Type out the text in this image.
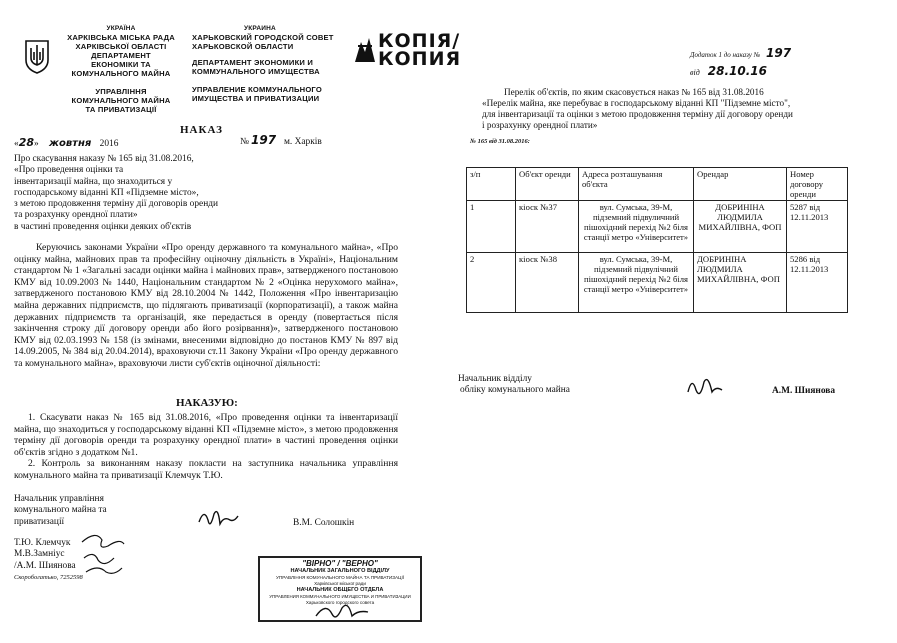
УКРАЇНА
ХАРКІВСЬКА МІСЬКА РАДА
ХАРКІВСЬКОЇ ОБЛАСТІ
ДЕПАРТАМЕНТ
ЕКОНОМІКИ ТА
КОМУНАЛЬНОГО МАЙНА
УПРАВЛІННЯ
КОМУНАЛЬНОГО МАЙНА
ТА ПРИВАТИЗАЦІЇ
УКРАИНА
ХАРЬКОВСКИЙ ГОРОДСКОЙ СОВЕТ
ХАРЬКОВСКОЙ ОБЛАСТИ
ДЕПАРТАМЕНТ ЭКОНОМИКИ И
КОММУНАЛЬНОГО ИМУЩЕСТВА
УПРАВЛЕНИЕ КОММУНАЛЬНОГО
ИМУЩЕСТВА И ПРИВАТИЗАЦИИ
КОПІЯ/КОПИЯ
НАКАЗ
«28» жовтня 2016	№ 197 м. Харків
Про скасування наказу № 165 від 31.08.2016,
«Про проведення оцінки та
інвентаризації майна, що знаходиться у
господарському віданні КП «Підземне місто»,
з метою продовження терміну дії договорів оренди
та розрахунку орендної плати»
в частині проведення оцінки деяких об'єктів
Керуючись законами України «Про оренду державного та комунального майна», «Про оцінку майна, майнових прав та професійну оціночну діяльність в Україні», Національним стандартом № 1 «Загальні засади оцінки майна і майнових прав», затвердженого постановою КМУ від 10.09.2003 № 1440, Національним стандартом № 2 «Оцінка нерухомого майна», затвердженого постановою КМУ від 28.10.2004 № 1442, Положення «Про інвентаризацію майна державних підприємств, що підлягають приватизації (корпоратизації), а також майна державних підприємств та організацій, яке передається в оренду (повертається після закінчення строку дії договору оренди або його розірвання)», затвердженого постановою КМУ від 02.03.1993 № 158 (із змінами, внесеними відповідно до постанов КМУ № 897 від 14.09.2005, № 384 від 20.04.2014), враховуючи ст.11 Закону України «Про оренду державного та комунального майна», враховуючи листи суб'єктів оціночної діяльності:
НАКАЗУЮ:
1. Скасувати наказ № 165 від 31.08.2016, «Про проведення оцінки та інвентаризації майна, що знаходиться у господарському віданні КП «Підземне місто», з метою продовження терміну дії договорів оренди та розрахунку орендної плати» в частині проведення оцінки об'єктів згідно з додатком №1.
2. Контроль за виконанням наказу покласти на заступника начальника управління комунального майна та приватизації Клемчук Т.Ю.
Начальник управління
комунального майна та
приватизації	В.М. Солошкін
Т.Ю. Клемчук
М.В.Замніус
/А.М. Шиянова
Скоробогатько, 7252598
"ВІРНО" / "ВЕРНО"
НАЧАЛЬНИК ЗАГАЛЬНОГО ВІДДІЛУ
УПРАВЛІННЯ КОМУНАЛЬНОГО МАЙНА ТА ПРИВАТИЗАЦІЇ
Харківської міської ради
НАЧАЛЬНИК ОБЩЕГО ОТДЕЛА
УПРАВЛЕНИЯ КОММУНАЛЬНОГО ИМУЩЕСТВА И ПРИВАТИЗАЦИИ
Харьковского городского совета
Додаток 1 до наказу № 197
від 28.10.16
Перелік об'єктів, по яким скасовується наказ № 165 від 31.08.2016
«Перелік майна, яке перебуває в господарському віданні КП "Підземне місто",
для інвентаризації та оцінки з метою продовження терміну дії договору оренди
і розрахунку орендної плати»
№ 165 від 31.08.2016:
з/п	Об'єкт оренди	Адреса розташування об'єкта	Орендар	Номер договору оренди
1	кіоск №37	вул. Сумська, 39-М, підземний підвуличний пішохідний перехід №2 біля станції метро «Університет»	ДОБРИНІНА ЛЮДМИЛА МИХАЙЛІВНА, ФОП	5287 від 12.11.2013
2	кіоск №38	вул. Сумська, 39-М, підземний підвулічний пішохідний перехід №2 біля станції метро «Університет»	ДОБРИНІНА ЛЮДМИЛА МИХАЙЛІВНА, ФОП	5286 від 12.11.2013
Начальник відділу
обліку комунального майна	А.М. Шиянова
